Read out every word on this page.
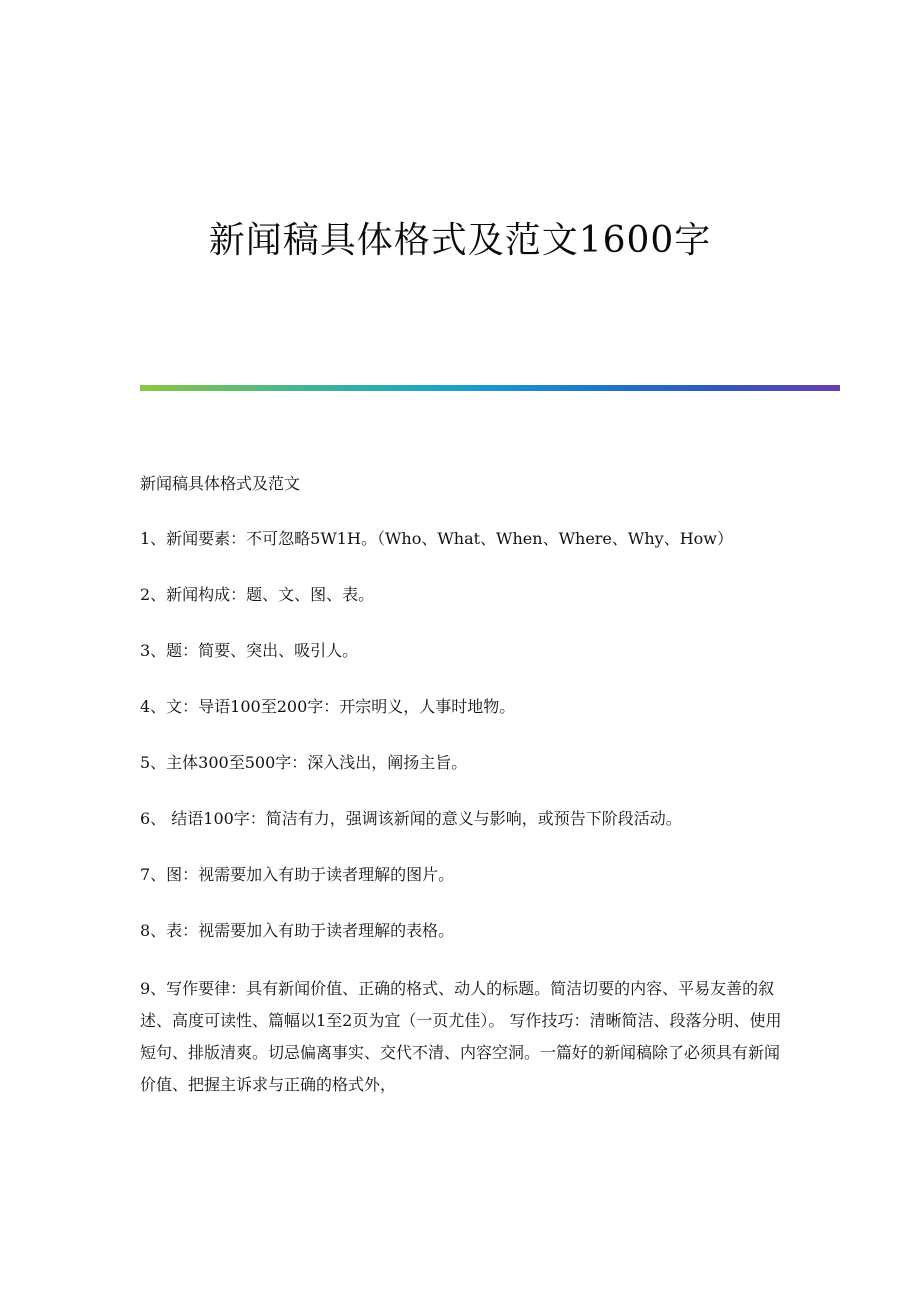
新闻稿具体格式及范文1600字

新闻稿具体格式及范文

1、新闻要素：不可忽略5W1H。（Who、What、When、Where、Why、How）

2、新闻构成：题、文、图、表。

3、题：简要、突出、吸引人。

4、文：导语100至200字：开宗明义，人事时地物。

5、主体300至500字：深入浅出，阐扬主旨。

6、 结语100字：简洁有力，强调该新闻的意义与影响，或预告下阶段活动。

7、图：视需要加入有助于读者理解的图片。

8、表：视需要加入有助于读者理解的表格。

9、写作要律：具有新闻价值、正确的格式、动人的标题。简洁切要的内容、平易友善的叙述、高度可读性、篇幅以1至2页为宜（一页尤佳）。 写作技巧：清晰简洁、段落分明、使用短句、排版清爽。切忌偏离事实、交代不清、内容空洞。一篇好的新闻稿除了必须具有新闻价值、把握主诉求与正确的格式外，
